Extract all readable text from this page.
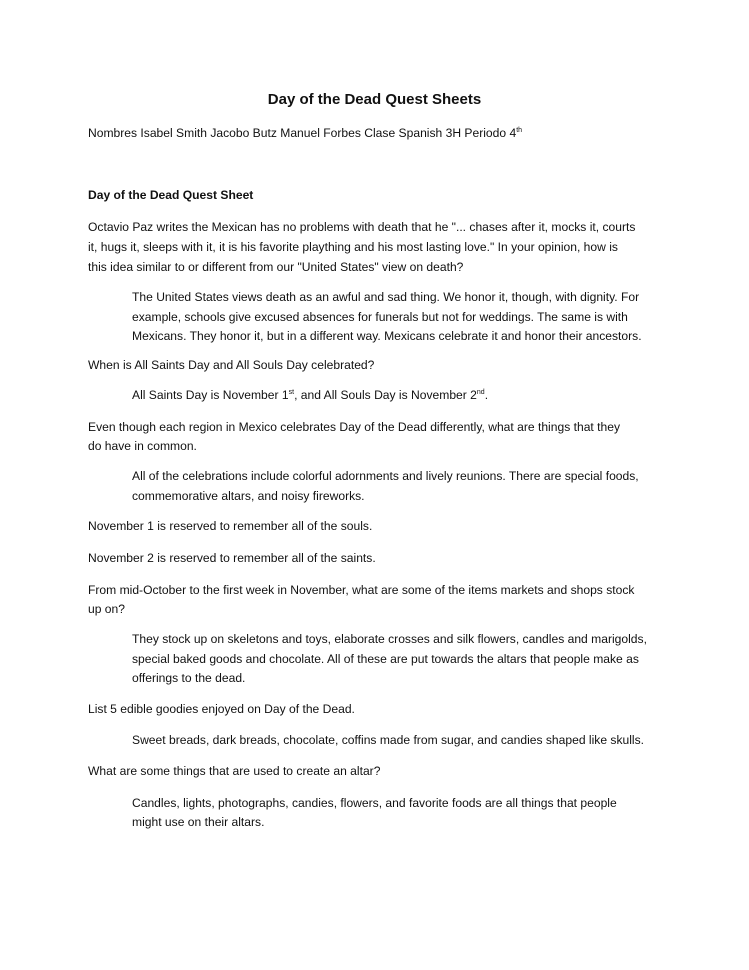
Day of the Dead Quest Sheets
Nombres Isabel Smith Jacobo Butz Manuel Forbes Clase Spanish 3H Periodo 4th
Day of the Dead Quest Sheet
Octavio Paz writes the Mexican has no problems with death that he "... chases after it, mocks it, courts
it, hugs it, sleeps with it, it is his favorite plaything and his most lasting love." In your opinion, how is
this idea similar to or different from our "United States" view on death?
The United States views death as an awful and sad thing. We honor it, though, with dignity. For
example, schools give excused absences for funerals but not for weddings. The same is with
Mexicans. They honor it, but in a different way. Mexicans celebrate it and honor their ancestors.
When is All Saints Day and All Souls Day celebrated?
All Saints Day is November 1st, and All Souls Day is November 2nd.
Even though each region in Mexico celebrates Day of the Dead differently, what are things that they
do have in common.
All of the celebrations include colorful adornments and lively reunions. There are special foods,
commemorative altars, and noisy fireworks.
November 1 is reserved to remember all of the souls.
November 2 is reserved to remember all of the saints.
From mid-October to the first week in November, what are some of the items markets and shops stock
up on?
They stock up on skeletons and toys, elaborate crosses and silk flowers, candles and marigolds,
special baked goods and chocolate. All of these are put towards the altars that people make as
offerings to the dead.
List 5 edible goodies enjoyed on Day of the Dead.
Sweet breads, dark breads, chocolate, coffins made from sugar, and candies shaped like skulls.
What are some things that are used to create an altar?
Candles, lights, photographs, candies, flowers, and favorite foods are all things that people
might use on their altars.
